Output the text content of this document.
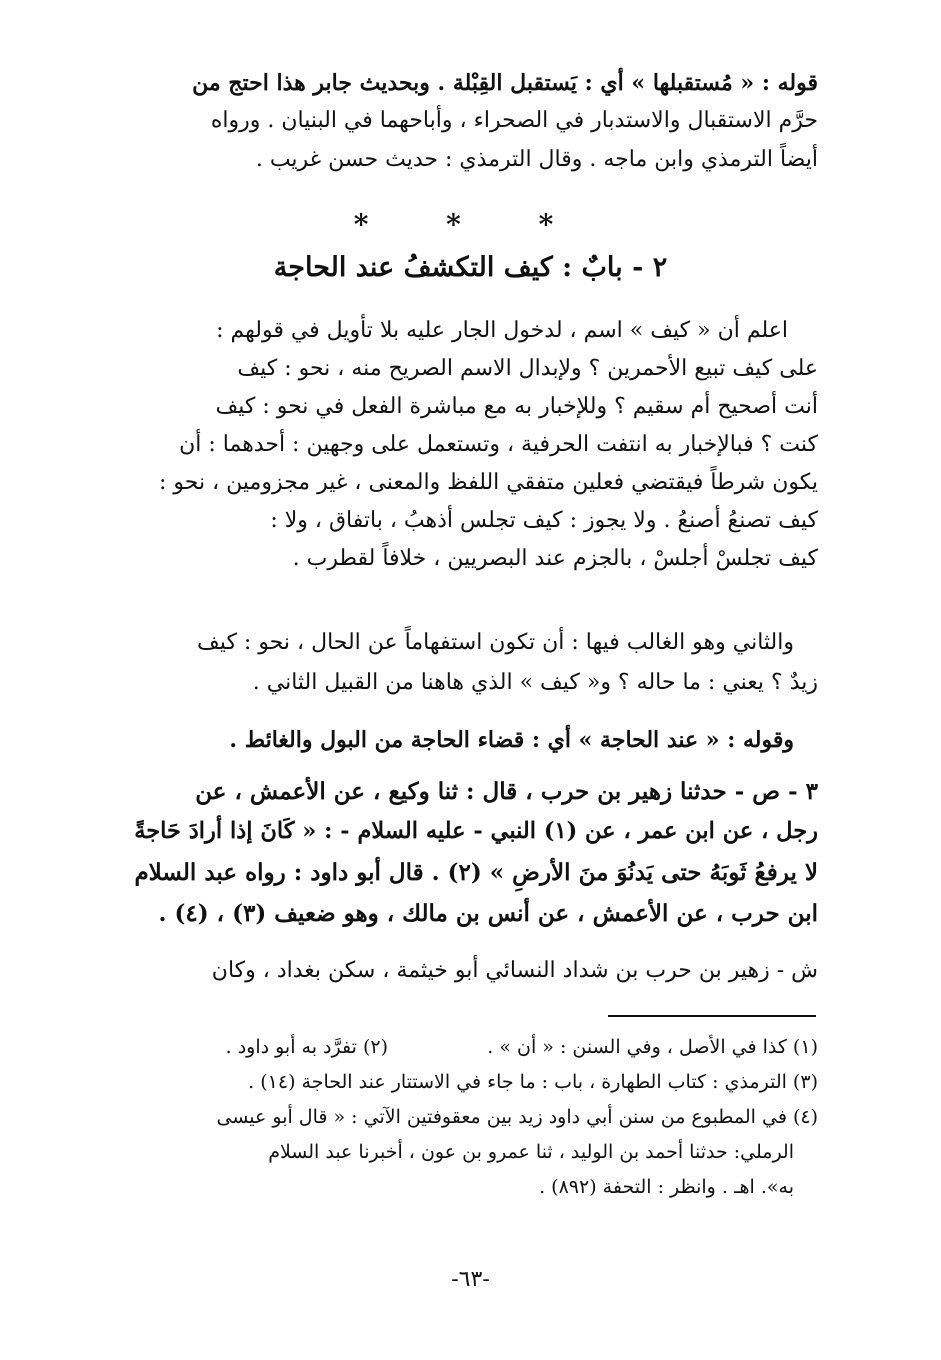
قوله : « مُستقبلها » أي : يَستقبل القِبْلة . وبحديث جابر هذا احتج من
حرَّم الاستقبال والاستدبار في الصحراء ، وأباحهما في البنيان . ورواه
أيضاً الترمذي وابن ماجه . وقال الترمذي : حديث حسن غريب .
* * *
٢ - بابٌ : كيف التكشفُ عند الحاجة
اعلم أن « كيف » اسم ، لدخول الجار عليه بلا تأويل في قولهم :
على كيف تبيع الأحمرين ؟ ولإبدال الاسم الصريح منه ، نحو : كيف
أنت أصحيح أم سقيم ؟ وللإخبار به مع مباشرة الفعل في نحو : كيف
كنت ؟ فبالإخبار به انتفت الحرفية ، وتستعمل على وجهين : أحدهما : أن
يكون شرطاً فيقتضي فعلين متفقي اللفظ والمعنى ، غير مجزومين ، نحو :
كيف تصنعُ أصنعُ . ولا يجوز : كيف تجلس أذهبُ ، باتفاق ، ولا :
كيف تجلسْ أجلسْ ، بالجزم عند البصريين ، خلافاً لقطرب .
والثاني وهو الغالب فيها : أن تكون استفهاماً عن الحال ، نحو : كيف
زيدٌ ؟ يعني : ما حاله ؟ و« كيف » الذي هاهنا من القبيل الثاني .
وقوله : « عند الحاجة » أي : قضاء الحاجة من البول والغائط .
٣ - ص - حدثنا زهير بن حرب ، قال : ثنا وكيع ، عن الأعمش ، عن
رجل ، عن ابن عمر ، عن (١) النبي - عليه السلام - : « كَانَ إذا أرادَ حَاجةً
لا يرفعُ ثَوبَهُ حتى يَدنُوَ منَ الأرضِ » (٢) . قال أبو داود : رواه عبد السلام
ابن حرب ، عن الأعمش ، عن أنس بن مالك ، وهو ضعيف (٣) ، (٤) .
ش - زهير بن حرب بن شداد النسائي أبو خيثمة ، سكن بغداد ، وكان
(١) كذا في الأصل ، وفي السنن : « أن » .
(٢) تفرَّد به أبو داود .
(٣) الترمذي : كتاب الطهارة ، باب : ما جاء في الاستتار عند الحاجة (١٤) .
(٤) في المطبوع من سنن أبي داود زيد بين معقوفتين الآتي : « قال أبو عيسى
الرملي: حدثنا أحمد بن الوليد ، ثنا عمرو بن عون ، أخبرنا عبد السلام
به». اهـ . وانظر : التحفة (٨٩٢) .
-٦٣-
